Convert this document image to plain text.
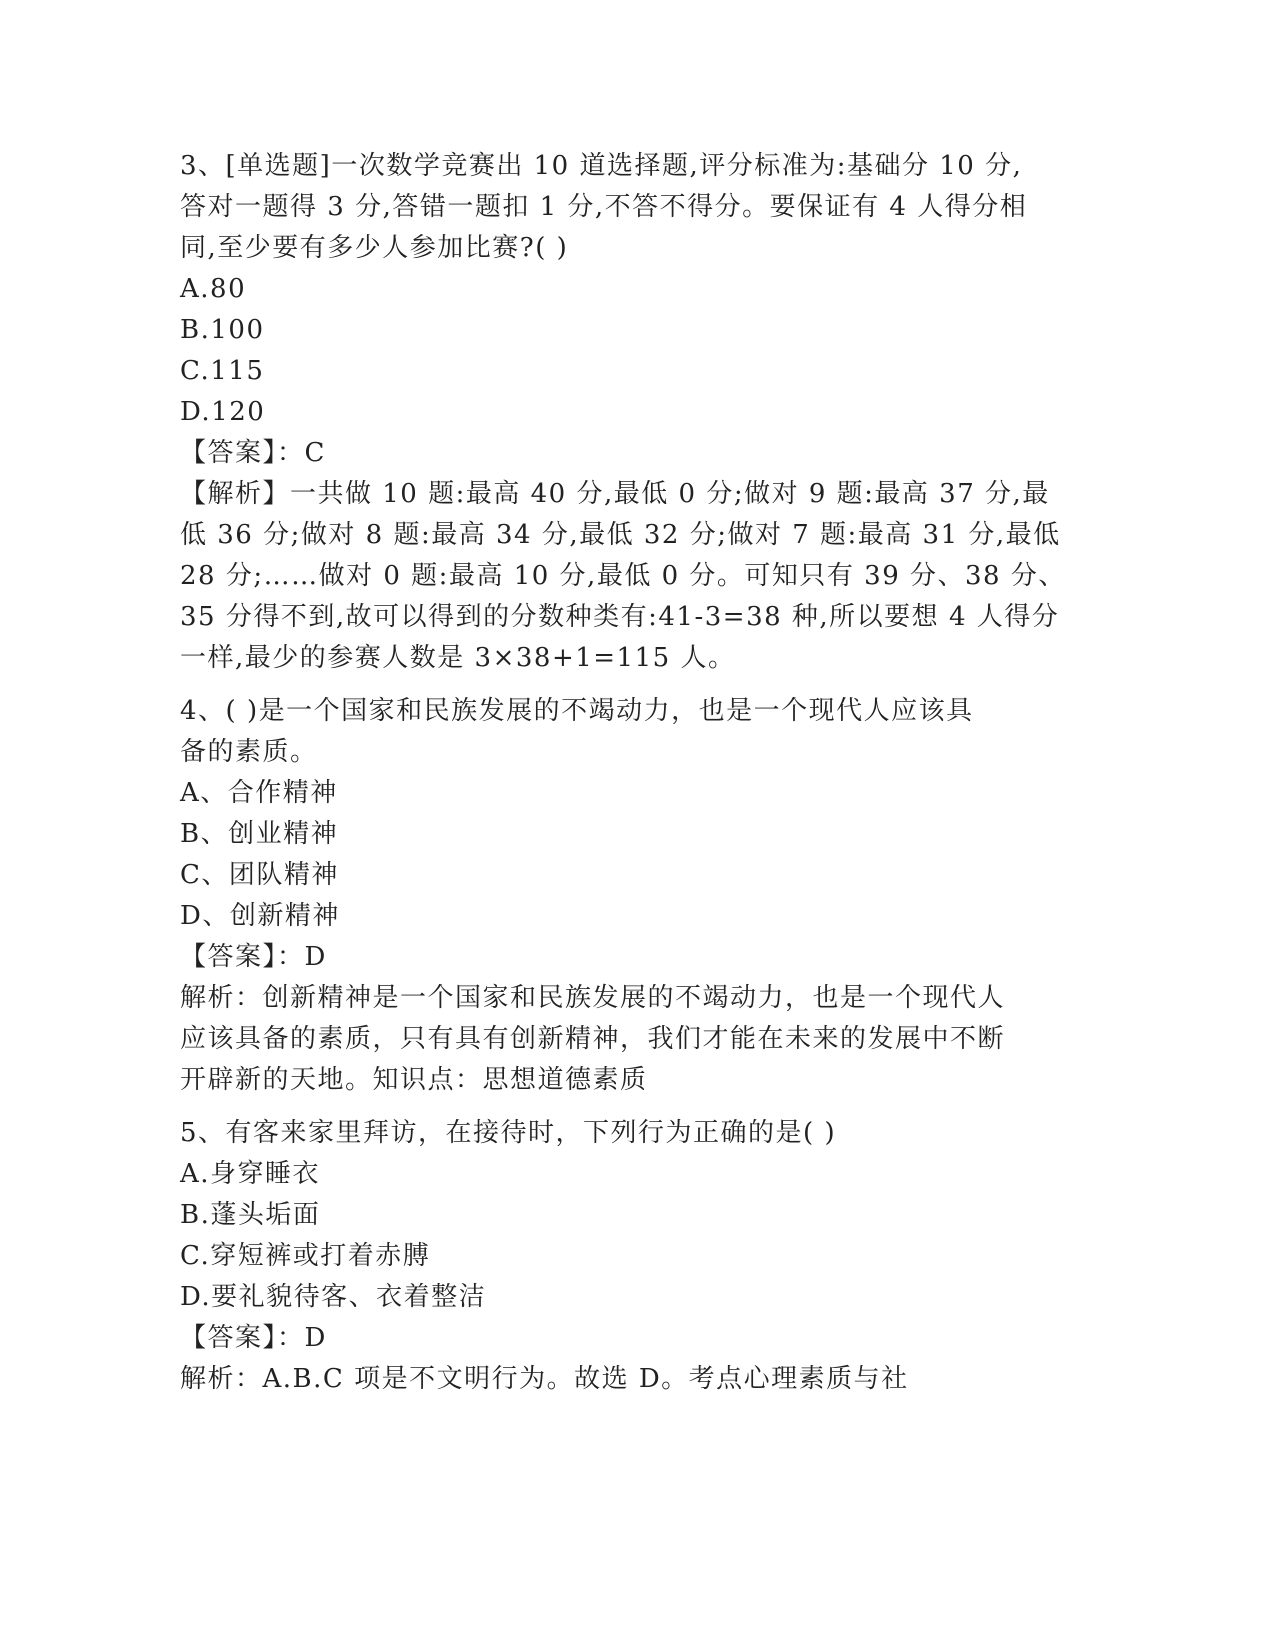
3、[单选题]一次数学竞赛出 10 道选择题,评分标准为:基础分 10 分,
答对一题得 3 分,答错一题扣 1 分,不答不得分。要保证有 4 人得分相
同,至少要有多少人参加比赛?( )
A.80
B.100
C.115
D.120
【答案】：C
【解析】一共做 10 题:最高 40 分,最低 0 分;做对 9 题:最高 37 分,最
低 36 分;做对 8 题:最高 34 分,最低 32 分;做对 7 题:最高 31 分,最低
28 分;……做对 0 题:最高 10 分,最低 0 分。可知只有 39 分、38 分、
35 分得不到,故可以得到的分数种类有:41-3=38 种,所以要想 4 人得分
一样,最少的参赛人数是 3×38+1=115 人。
4、( )是一个国家和民族发展的不竭动力，也是一个现代人应该具
备的素质。
A、合作精神
B、创业精神
C、团队精神
D、创新精神
【答案】：D
解析：创新精神是一个国家和民族发展的不竭动力，也是一个现代人
应该具备的素质，只有具有创新精神，我们才能在未来的发展中不断
开辟新的天地。知识点：思想道德素质
5、有客来家里拜访，在接待时，下列行为正确的是( )
A.身穿睡衣
B.蓬头垢面
C.穿短裤或打着赤膊
D.要礼貌待客、衣着整洁
【答案】：D
解析：A.B.C 项是不文明行为。故选 D。考点心理素质与社
